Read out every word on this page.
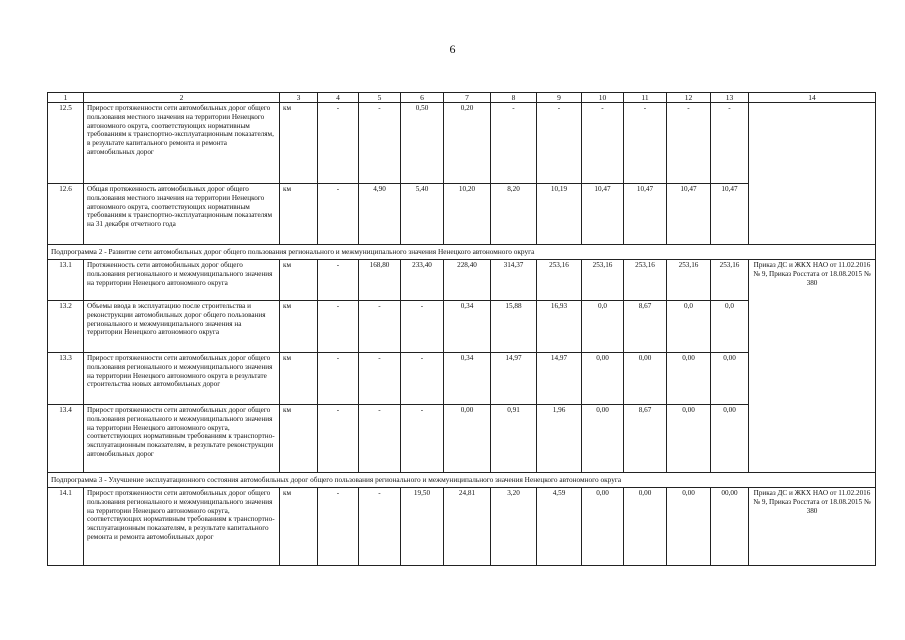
6
1	2	3	4	5	6	7	8	9	10	11	12	13	14
12.5	Прирост протяженности сети автомобильных дорог общего пользования местного значения на территории Ненецкого автономного округа, соответствующих нормативным требованиям к транспортно-эксплуатационным показателям, в результате капитального ремонта и ремонта автомобильных дорог	км	-	-	0,50	0,20	-	-	-	-	-	-	
12.6	Общая протяженность автомобильных дорог общего пользования местного значения на территории Ненецкого автономного округа, соответствующих нормативным требованиям к транспортно-эксплуатационным показателям на 31 декабря отчетного года	км	-	4,90	5,40	10,20	8,20	10,19	10,47	10,47	10,47	10,47	
Подпрограмма 2 - Развитие сети автомобильных дорог общего пользования регионального и межмуниципального значения Ненецкого автономного округа													
13.1	Протяженность сети автомобильных дорог общего пользования регионального и межмуниципального значения на территории Ненецкого автономного округа	км	-	168,80	233,40	228,40	314,37	253,16	253,16	253,16	253,16	253,16	Приказ ДС и ЖКХ НАО от 11.02.2016 № 9, Приказ Росстата от 18.08.2015 № 380
13.2	Объемы ввода в эксплуатацию после строительства и реконструкции автомобильных дорог общего пользования регионального и межмуниципального значения на территории Ненецкого автономного округа	км	-	-	-	0,34	15,88	16,93	0,0	8,67	0,0	0,0	
13.3	Прирост протяженности сети автомобильных дорог общего пользования регионального и межмуниципального значения на территории Ненецкого автономного округа в результате строительства новых автомобильных дорог	км	-	-	-	0,34	14,97	14,97	0,00	0,00	0,00	0,00	
13.4	Прирост протяженности сети автомобильных дорог общего пользования регионального и межмуниципального значения на территории Ненецкого автономного округа, соответствующих нормативным требованиям к транспортно-эксплуатационным показателям, в результате реконструкции автомобильных дорог	км	-	-	-	0,00	0,91	1,96	0,00	8,67	0,00	0,00	
Подпрограмма 3 - Улучшение эксплуатационного состояния автомобильных дорог общего пользования регионального и межмуниципального значения Ненецкого автономного округа													
14.1	Прирост протяженности сети автомобильных дорог общего пользования регионального и межмуниципального значения на территории Ненецкого автономного округа, соответствующих нормативным требованиям к транспортно-эксплуатационным показателям, в результате капитального ремонта и ремонта автомобильных дорог	км	-	-	19,50	24,81	3,20	4,59	0,00	0,00	0,00	00,00	Приказ ДС и ЖКХ НАО от 11.02.2016 № 9, Приказ Росстата от 18.08.2015 № 380
